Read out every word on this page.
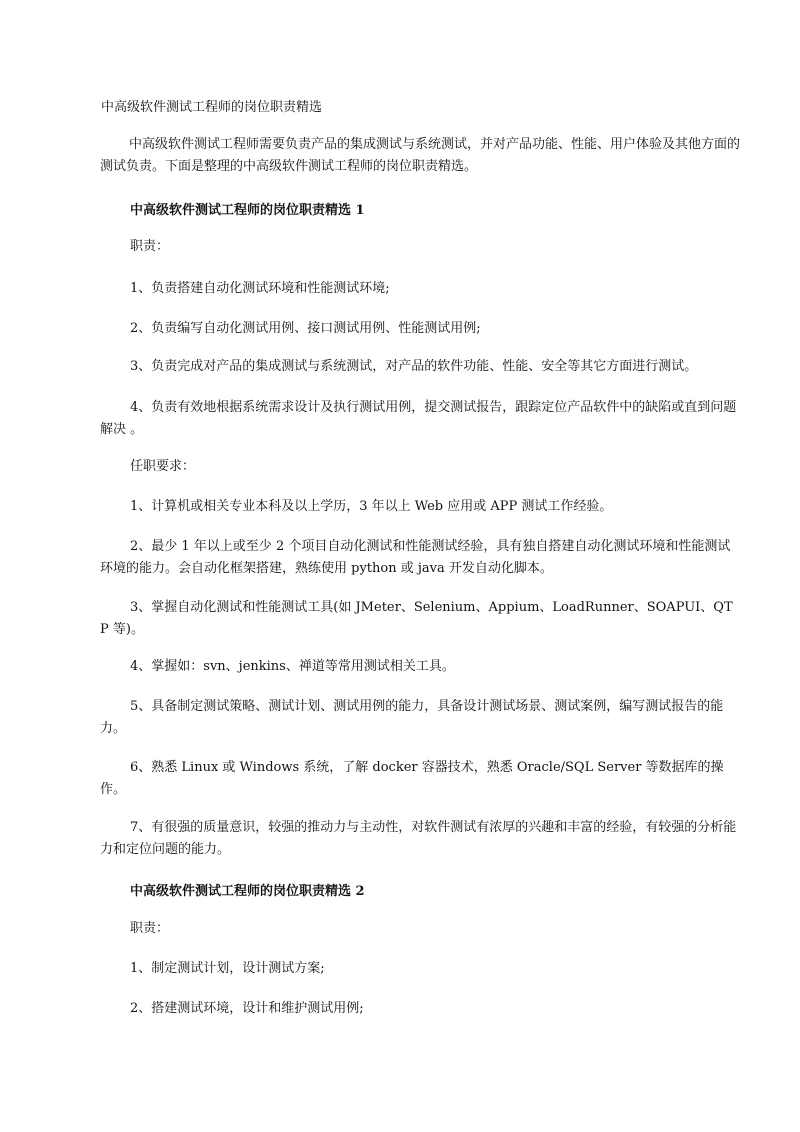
中高级软件测试工程师的岗位职责精选
中高级软件测试工程师需要负责产品的集成测试与系统测试，并对产品功能、性能、用户体验及其他方面的测试负责。下面是整理的中高级软件测试工程师的岗位职责精选。
中高级软件测试工程师的岗位职责精选 1
职责：
1、负责搭建自动化测试环境和性能测试环境;
2、负责编写自动化测试用例、接口测试用例、性能测试用例;
3、负责完成对产品的集成测试与系统测试，对产品的软件功能、性能、安全等其它方面进行测试。
4、负责有效地根据系统需求设计及执行测试用例，提交测试报告，跟踪定位产品软件中的缺陷或直到问题解决 。
任职要求：
1、计算机或相关专业本科及以上学历，3 年以上 Web 应用或 APP 测试工作经验。
2、最少 1 年以上或至少 2 个项目自动化测试和性能测试经验，具有独自搭建自动化测试环境和性能测试环境的能力。会自动化框架搭建，熟练使用 python 或 java 开发自动化脚本。
3、掌握自动化测试和性能测试工具(如 JMeter、Selenium、Appium、LoadRunner、SOAPUI、QTP 等)。
4、掌握如：svn、jenkins、禅道等常用测试相关工具。
5、具备制定测试策略、测试计划、测试用例的能力，具备设计测试场景、测试案例，编写测试报告的能力。
6、熟悉 Linux 或 Windows 系统，了解 docker 容器技术，熟悉 Oracle/SQL Server 等数据库的操作。
7、有很强的质量意识，较强的推动力与主动性，对软件测试有浓厚的兴趣和丰富的经验，有较强的分析能力和定位问题的能力。
中高级软件测试工程师的岗位职责精选 2
职责：
1、制定测试计划，设计测试方案;
2、搭建测试环境，设计和维护测试用例;
